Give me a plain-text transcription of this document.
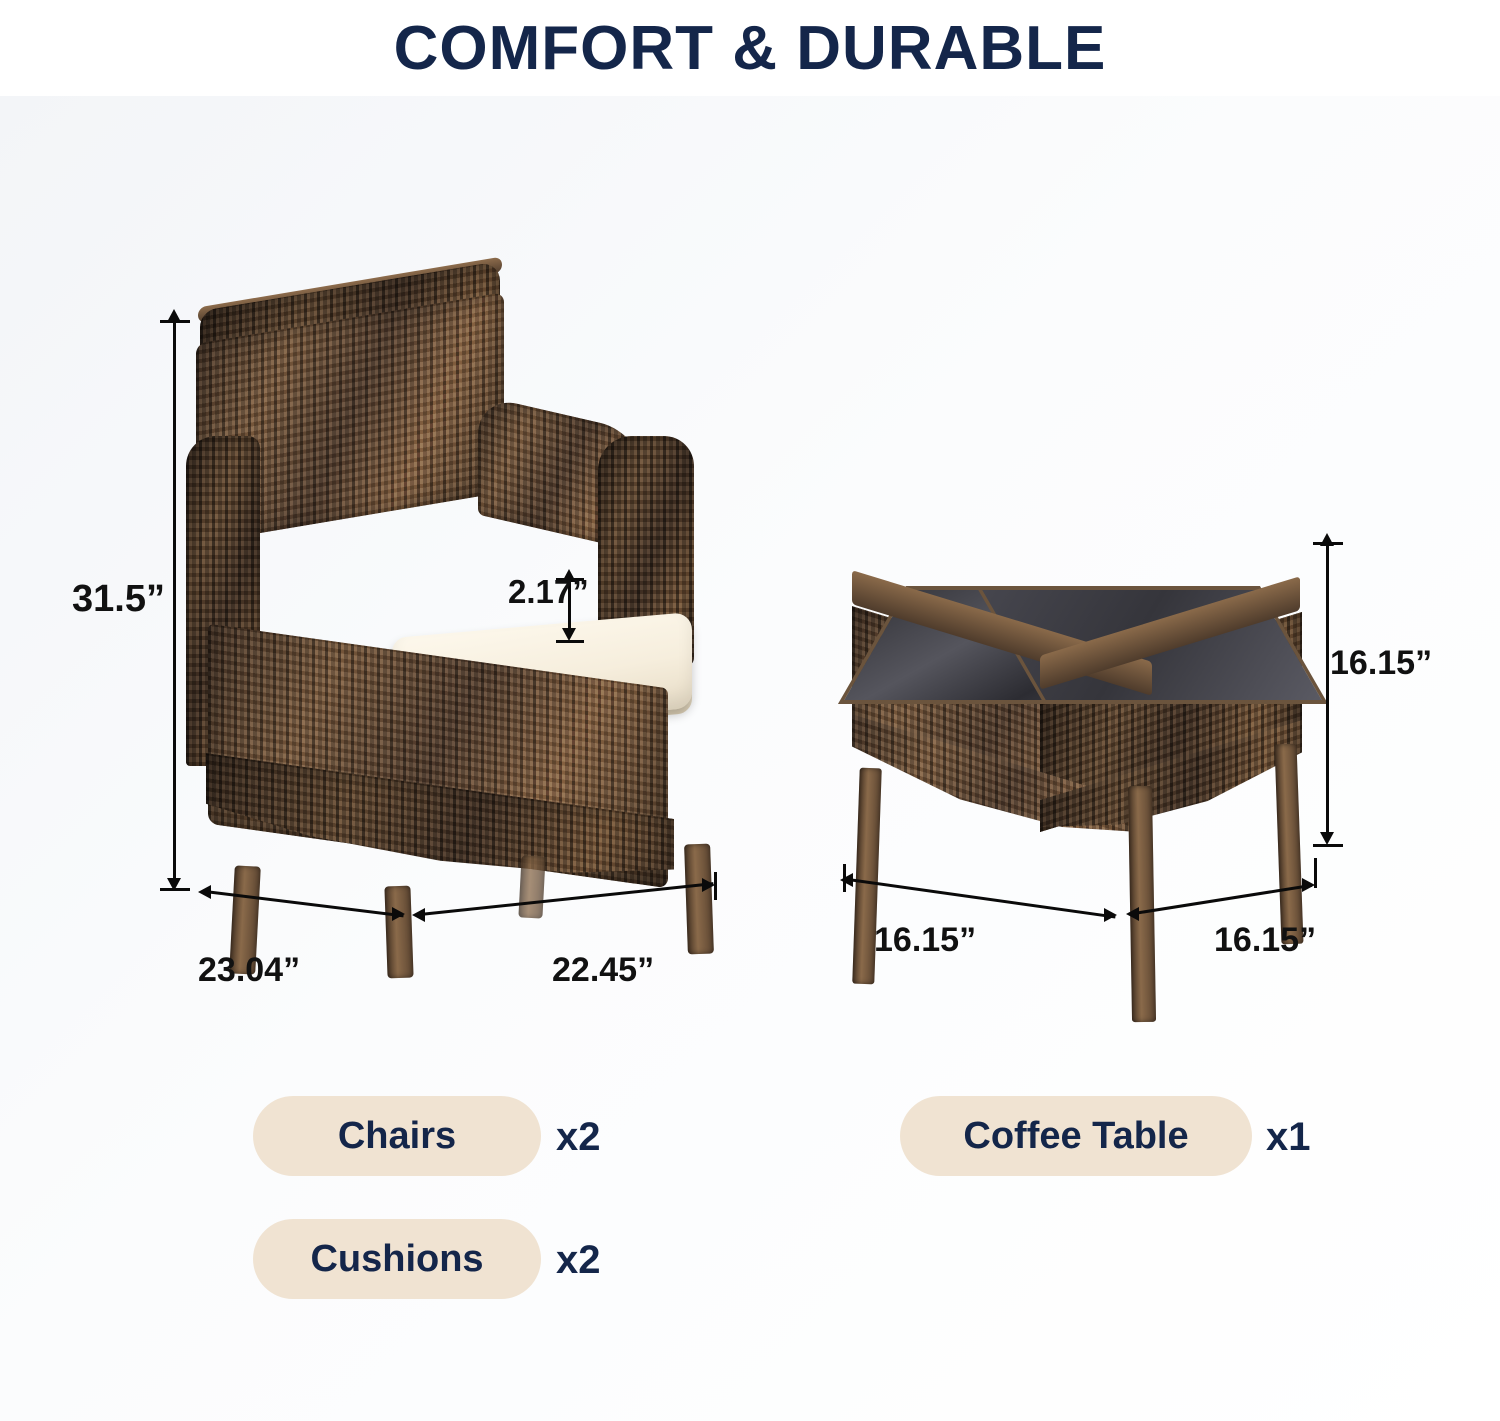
COMFORT & DURABLE
31.5”	2.17”
23.04”	22.45”
16.15”
16.15”	16.15”
Chairs x2
Cushions x2
Coffee Table x1
